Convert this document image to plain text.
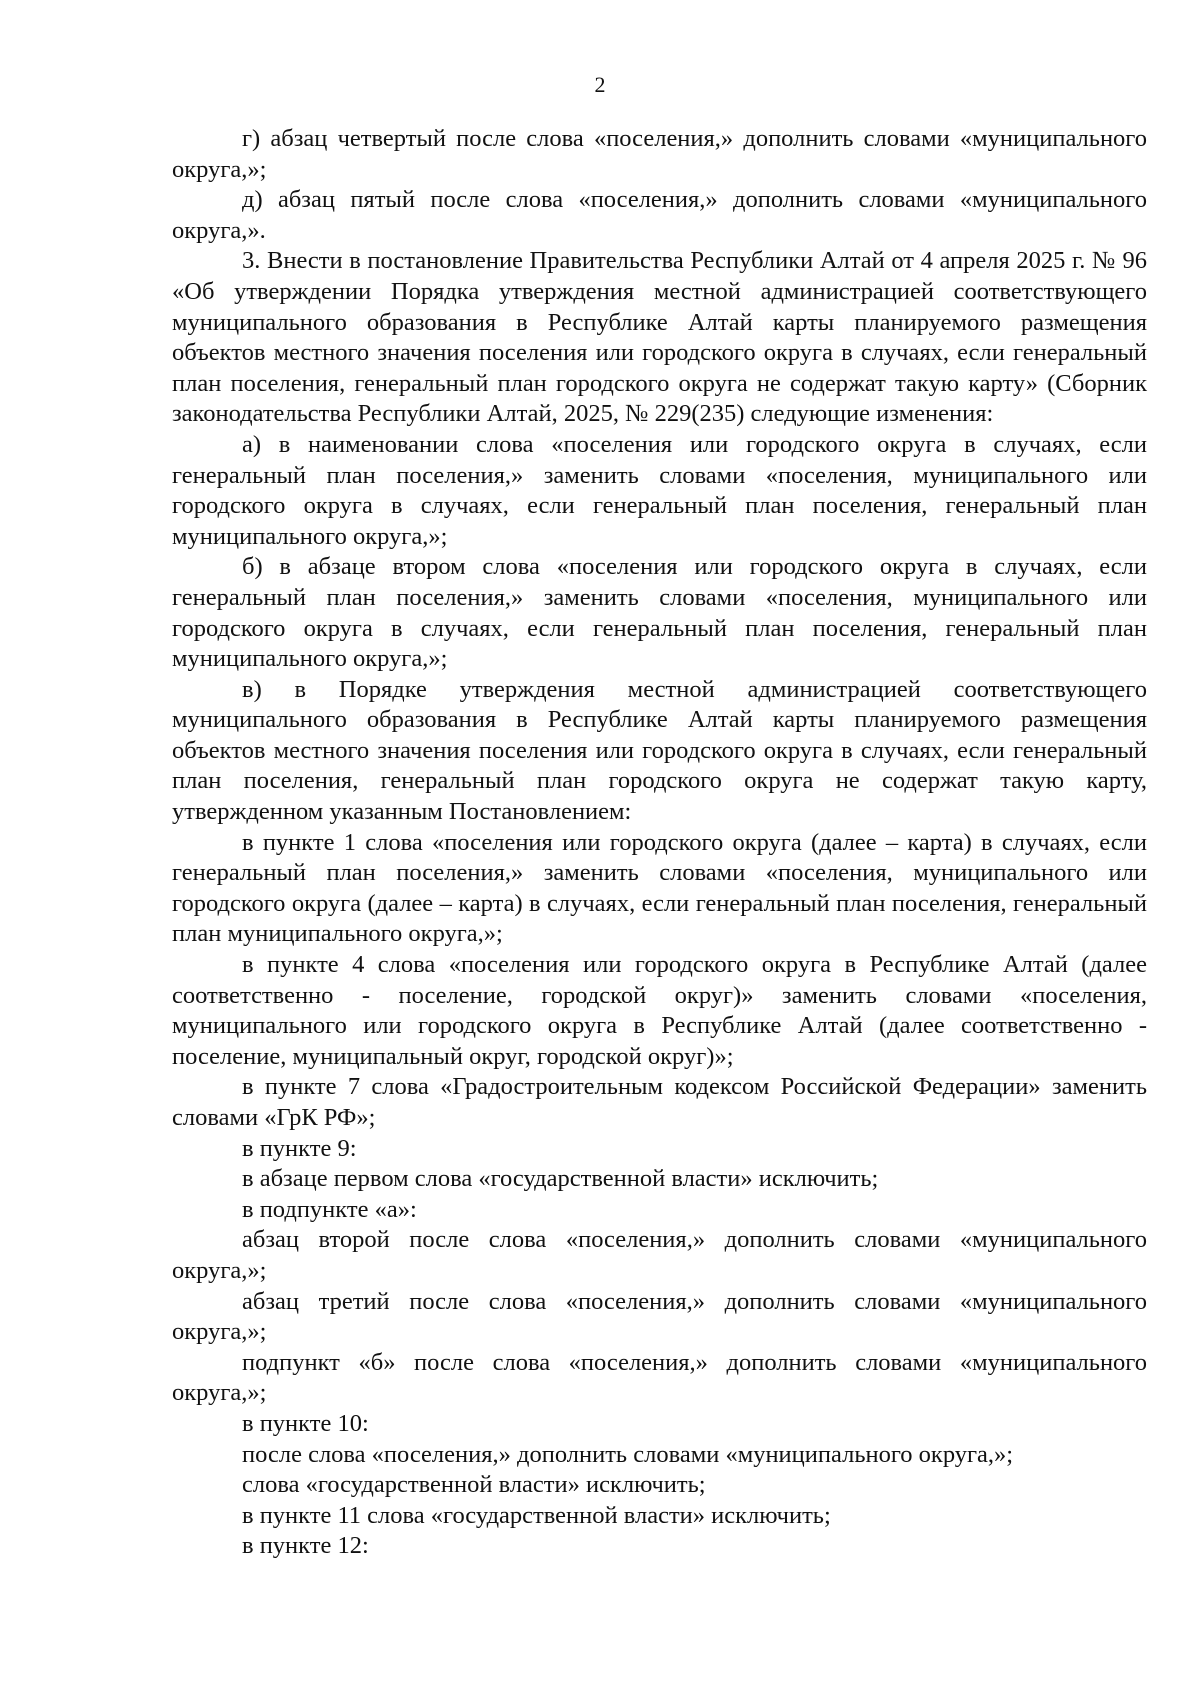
2

г) абзац четвертый после слова «поселения,» дополнить словами «муниципального округа,»;

д) абзац пятый после слова «поселения,» дополнить словами «муниципального округа,».

3. Внести в постановление Правительства Республики Алтай от 4 апреля 2025 г. № 96 «Об утверждении Порядка утверждения местной администрацией соответствующего муниципального образования в Республике Алтай карты планируемого размещения объектов местного значения поселения или городского округа в случаях, если генеральный план поселения, генеральный план городского округа не содержат такую карту» (Сборник законодательства Республики Алтай, 2025, № 229(235) следующие изменения:

а) в наименовании слова «поселения или городского округа в случаях, если генеральный план поселения,» заменить словами «поселения, муниципального или городского округа в случаях, если генеральный план поселения, генеральный план муниципального округа,»;

б) в абзаце втором слова «поселения или городского округа в случаях, если генеральный план поселения,» заменить словами «поселения, муниципального или городского округа в случаях, если генеральный план поселения, генеральный план муниципального округа,»;

в) в Порядке утверждения местной администрацией соответствующего муниципального образования в Республике Алтай карты планируемого размещения объектов местного значения поселения или городского округа в случаях, если генеральный план поселения, генеральный план городского округа не содержат такую карту, утвержденном указанным Постановлением:

в пункте 1 слова «поселения или городского округа (далее – карта) в случаях, если генеральный план поселения,» заменить словами «поселения, муниципального или городского округа (далее – карта) в случаях, если генеральный план поселения, генеральный план муниципального округа,»;

в пункте 4 слова «поселения или городского округа в Республике Алтай (далее соответственно - поселение, городской округ)» заменить словами «поселения, муниципального или городского округа в Республике Алтай (далее соответственно - поселение, муниципальный округ, городской округ)»;

в пункте 7 слова «Градостроительным кодексом Российской Федерации» заменить словами «ГрК РФ»;

в пункте 9:

в абзаце первом слова «государственной власти» исключить;

в подпункте «а»:

абзац второй после слова «поселения,» дополнить словами «муниципального округа,»;

абзац третий после слова «поселения,» дополнить словами «муниципального округа,»;

подпункт «б» после слова «поселения,» дополнить словами «муниципального округа,»;

в пункте 10:

после слова «поселения,» дополнить словами «муниципального округа,»;

слова «государственной власти» исключить;

в пункте 11 слова «государственной власти» исключить;

в пункте 12:
